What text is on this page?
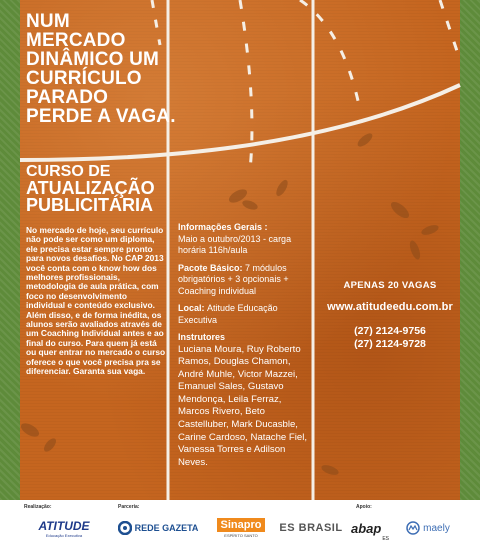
NUM
MERCADO
DINÂMICO UM
CURRÍCULO
PARADO
PERDE A VAGA.
CURSO DE
ATUALIZAÇÃO
PUBLICITÁRIA
No mercado de hoje, seu currículo não pode ser como um diploma, ele precisa estar sempre pronto para novos desafios. No CAP 2013 você conta com o know how dos melhores profissionais, metodologia de aula prática, com foco no desenvolvimento individual e conteúdo exclusivo. Além disso, e de forma inédita, os alunos serão avaliados através de um Coaching Individual antes e ao final do curso. Para quem já está ou quer entrar no mercado o curso oferece o que você precisa pra se diferenciar. Garanta sua vaga.
Informações Gerais :
Maio a outubro/2013 - carga horária 116h/aula
Pacote Básico: 7 módulos obrigatórios + 3 opcionais + Coaching individual
Local: Atitude Educação Executiva
Instrutores
Luciana Moura, Ruy Roberto Ramos, Douglas Chamon, André Muhle, Victor Mazzei, Emanuel Sales, Gustavo Mendonça, Leila Ferraz, Marcos Rivero, Beto Castelluber, Mark Ducasble, Carine Cardoso, Natache Fiel, Vanessa Torres e Adilson Neves.
APENAS 20 VAGAS
www.atitudeedu.com.br
(27) 2124-9756
(27) 2124-9728
Realização:	Parceria:	Apoio:
ATITUDE
Educação Executiva
REDE GAZETA	Sinapro
ESPÍRITO SANTO
ES BRASIL abap
ES
maely
